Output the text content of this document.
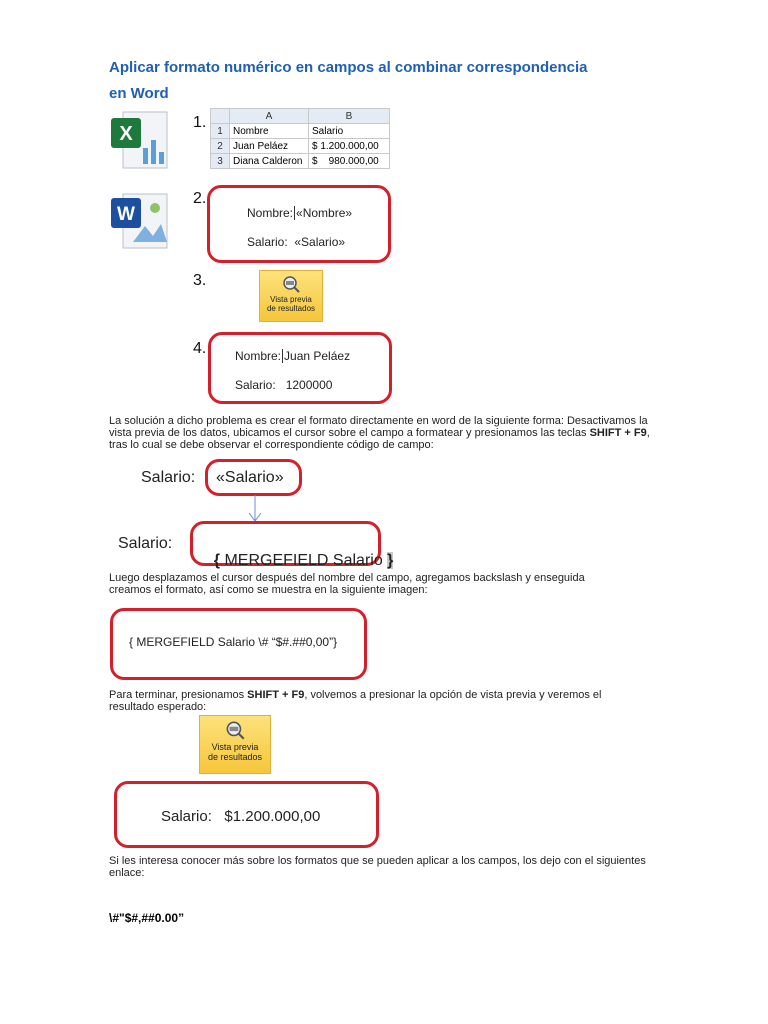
Aplicar formato numérico en campos al combinar correspondencia
en Word
X
W
1.
2.
3.
4.
	A	B
1	Nombre	Salario
2	Juan Peláez	$ 1.200.000,00
3	Diana Calderon	$    980.000,00
Nombre: «Nombre»
Salario: «Salario»
Vista previa
de resultados
Nombre: Juan Peláez
Salario: 1200000
La solución a dicho problema es crear el formato directamente en word de la siguiente forma: Desactivamos la vista previa de los datos, ubicamos el cursor sobre el campo a formatear y presionamos las teclas SHIFT + F9, tras lo cual se debe observar el correspondiente código de campo:
Salario: «Salario»
Salario:

{ MERGEFIELD Salario }

Luego desplazamos el cursor después del nombre del campo, agregamos backslash y enseguida creamos el formato, así como se muestra en la siguiente imagen:
{ MERGEFIELD Salario \# “$#.##0,00”}
Para terminar, presionamos SHIFT + F9, volvemos a presionar la opción de vista previa y veremos el resultado esperado:
Vista previa
de resultados
Salario: $1.200.000,00
Si les interesa conocer más sobre los formatos que se pueden aplicar a los campos, los dejo con el siguientes enlace:
\#"$#,##0.00”
